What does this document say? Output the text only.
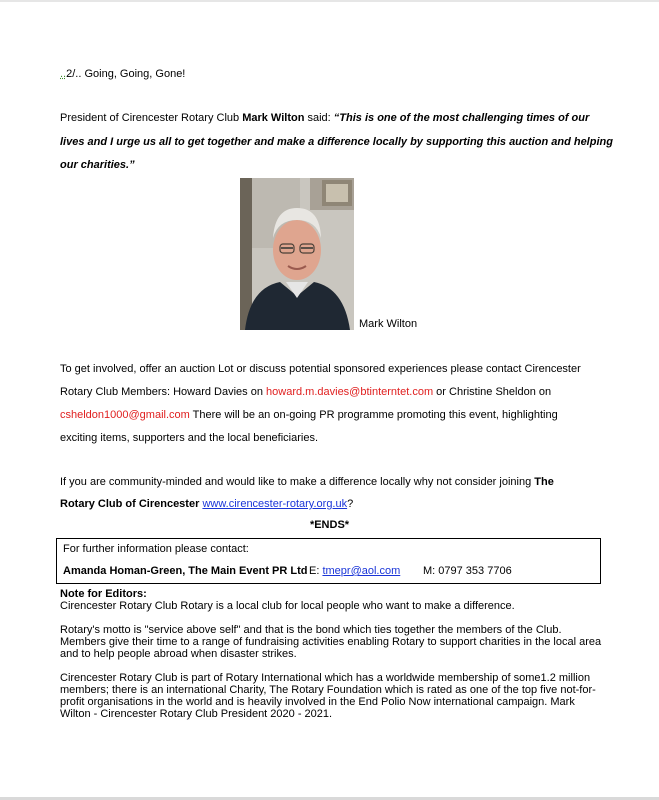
..2/.. Going, Going, Gone!
President of Cirencester Rotary Club Mark Wilton said: “This is one of the most challenging times of our
lives and I urge us all to get together and make a difference locally by supporting this auction and helping
our charities.”
Mark Wilton
To get involved, offer an auction Lot or discuss potential sponsored experiences please contact Cirencester
Rotary Club Members: Howard Davies on howard.m.davies@btinterntet.com or Christine Sheldon on
csheldon1000@gmail.com There will be an on-going PR programme promoting this event, highlighting
exciting items, supporters and the local beneficiaries.
If you are community-minded and would like to make a difference locally why not consider joining The
Rotary Club of Cirencester www.cirencester-rotary.org.uk?
*ENDS*
For further information please contact:
Amanda Homan-Green, The Main Event PR Ltd E: tmepr@aol.com M: 0797 353 7706

Note for Editors:

Cirencester Rotary Club Rotary is a local club for local people who want to make a difference.

Rotary's motto is "service above self" and that is the bond which ties together the members of the Club. Members give their time to a range of fundraising activities enabling Rotary to support charities in the local area and to help people abroad when disaster strikes.

Cirencester Rotary Club is part of Rotary International which has a worldwide membership of some1.2 million members; there is an international Charity, The Rotary Foundation which is rated as one of the top five not-for-profit organisations in the world and is heavily involved in the End Polio Now international campaign. Mark Wilton - Cirencester Rotary Club President 2020 - 2021.
